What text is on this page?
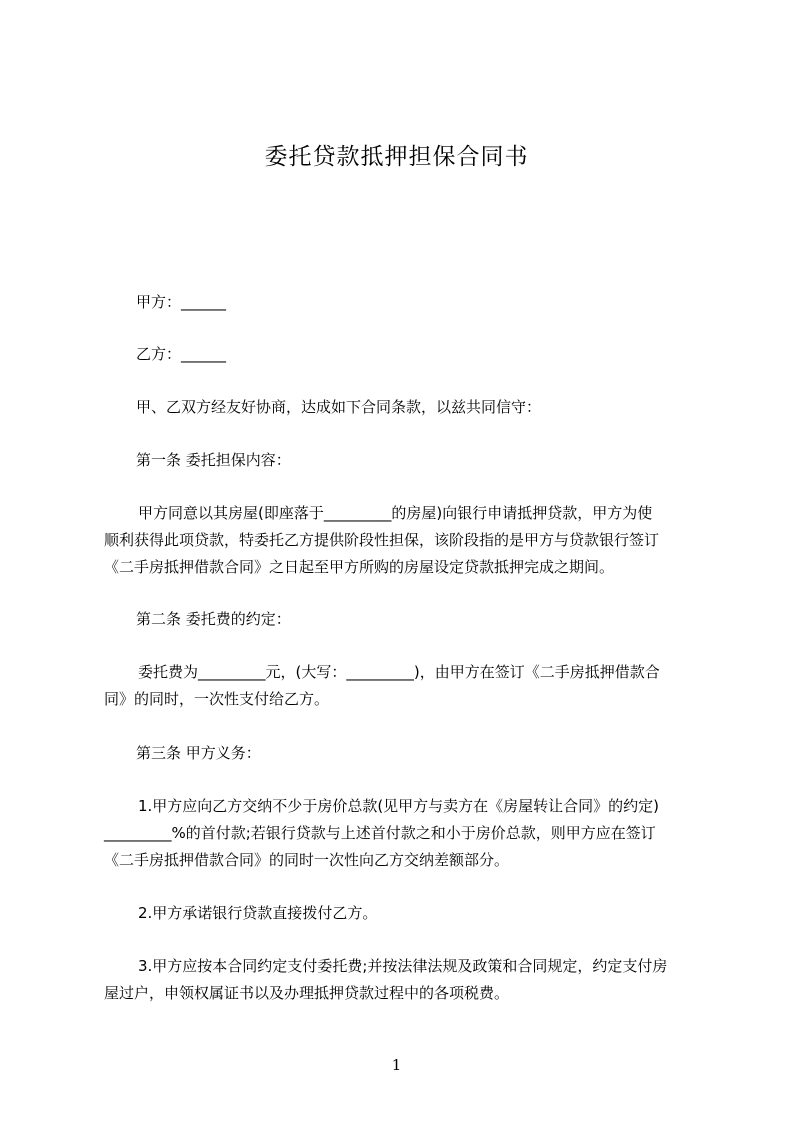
委托贷款抵押担保合同书

甲方：______

乙方：______

甲、乙双方经友好协商，达成如下合同条款，以兹共同信守：

第一条 委托担保内容：

甲方同意以其房屋(即座落于_________的房屋)向银行申请抵押贷款，甲方为使
顺利获得此项贷款，特委托乙方提供阶段性担保，该阶段指的是甲方与贷款银行签订
《二手房抵押借款合同》之日起至甲方所购的房屋设定贷款抵押完成之期间。

第二条 委托费的约定：

委托费为_________元，(大写：_________)，由甲方在签订《二手房抵押借款合
同》的同时，一次性支付给乙方。

第三条 甲方义务：

1.甲方应向乙方交纳不少于房价总款(见甲方与卖方在《房屋转让合同》的约定)
_________%的首付款;若银行贷款与上述首付款之和小于房价总款，则甲方应在签订
《二手房抵押借款合同》的同时一次性向乙方交纳差额部分。

2.甲方承诺银行贷款直接拨付乙方。

3.甲方应按本合同约定支付委托费;并按法律法规及政策和合同规定，约定支付房
屋过户，申领权属证书以及办理抵押贷款过程中的各项税费。

1
